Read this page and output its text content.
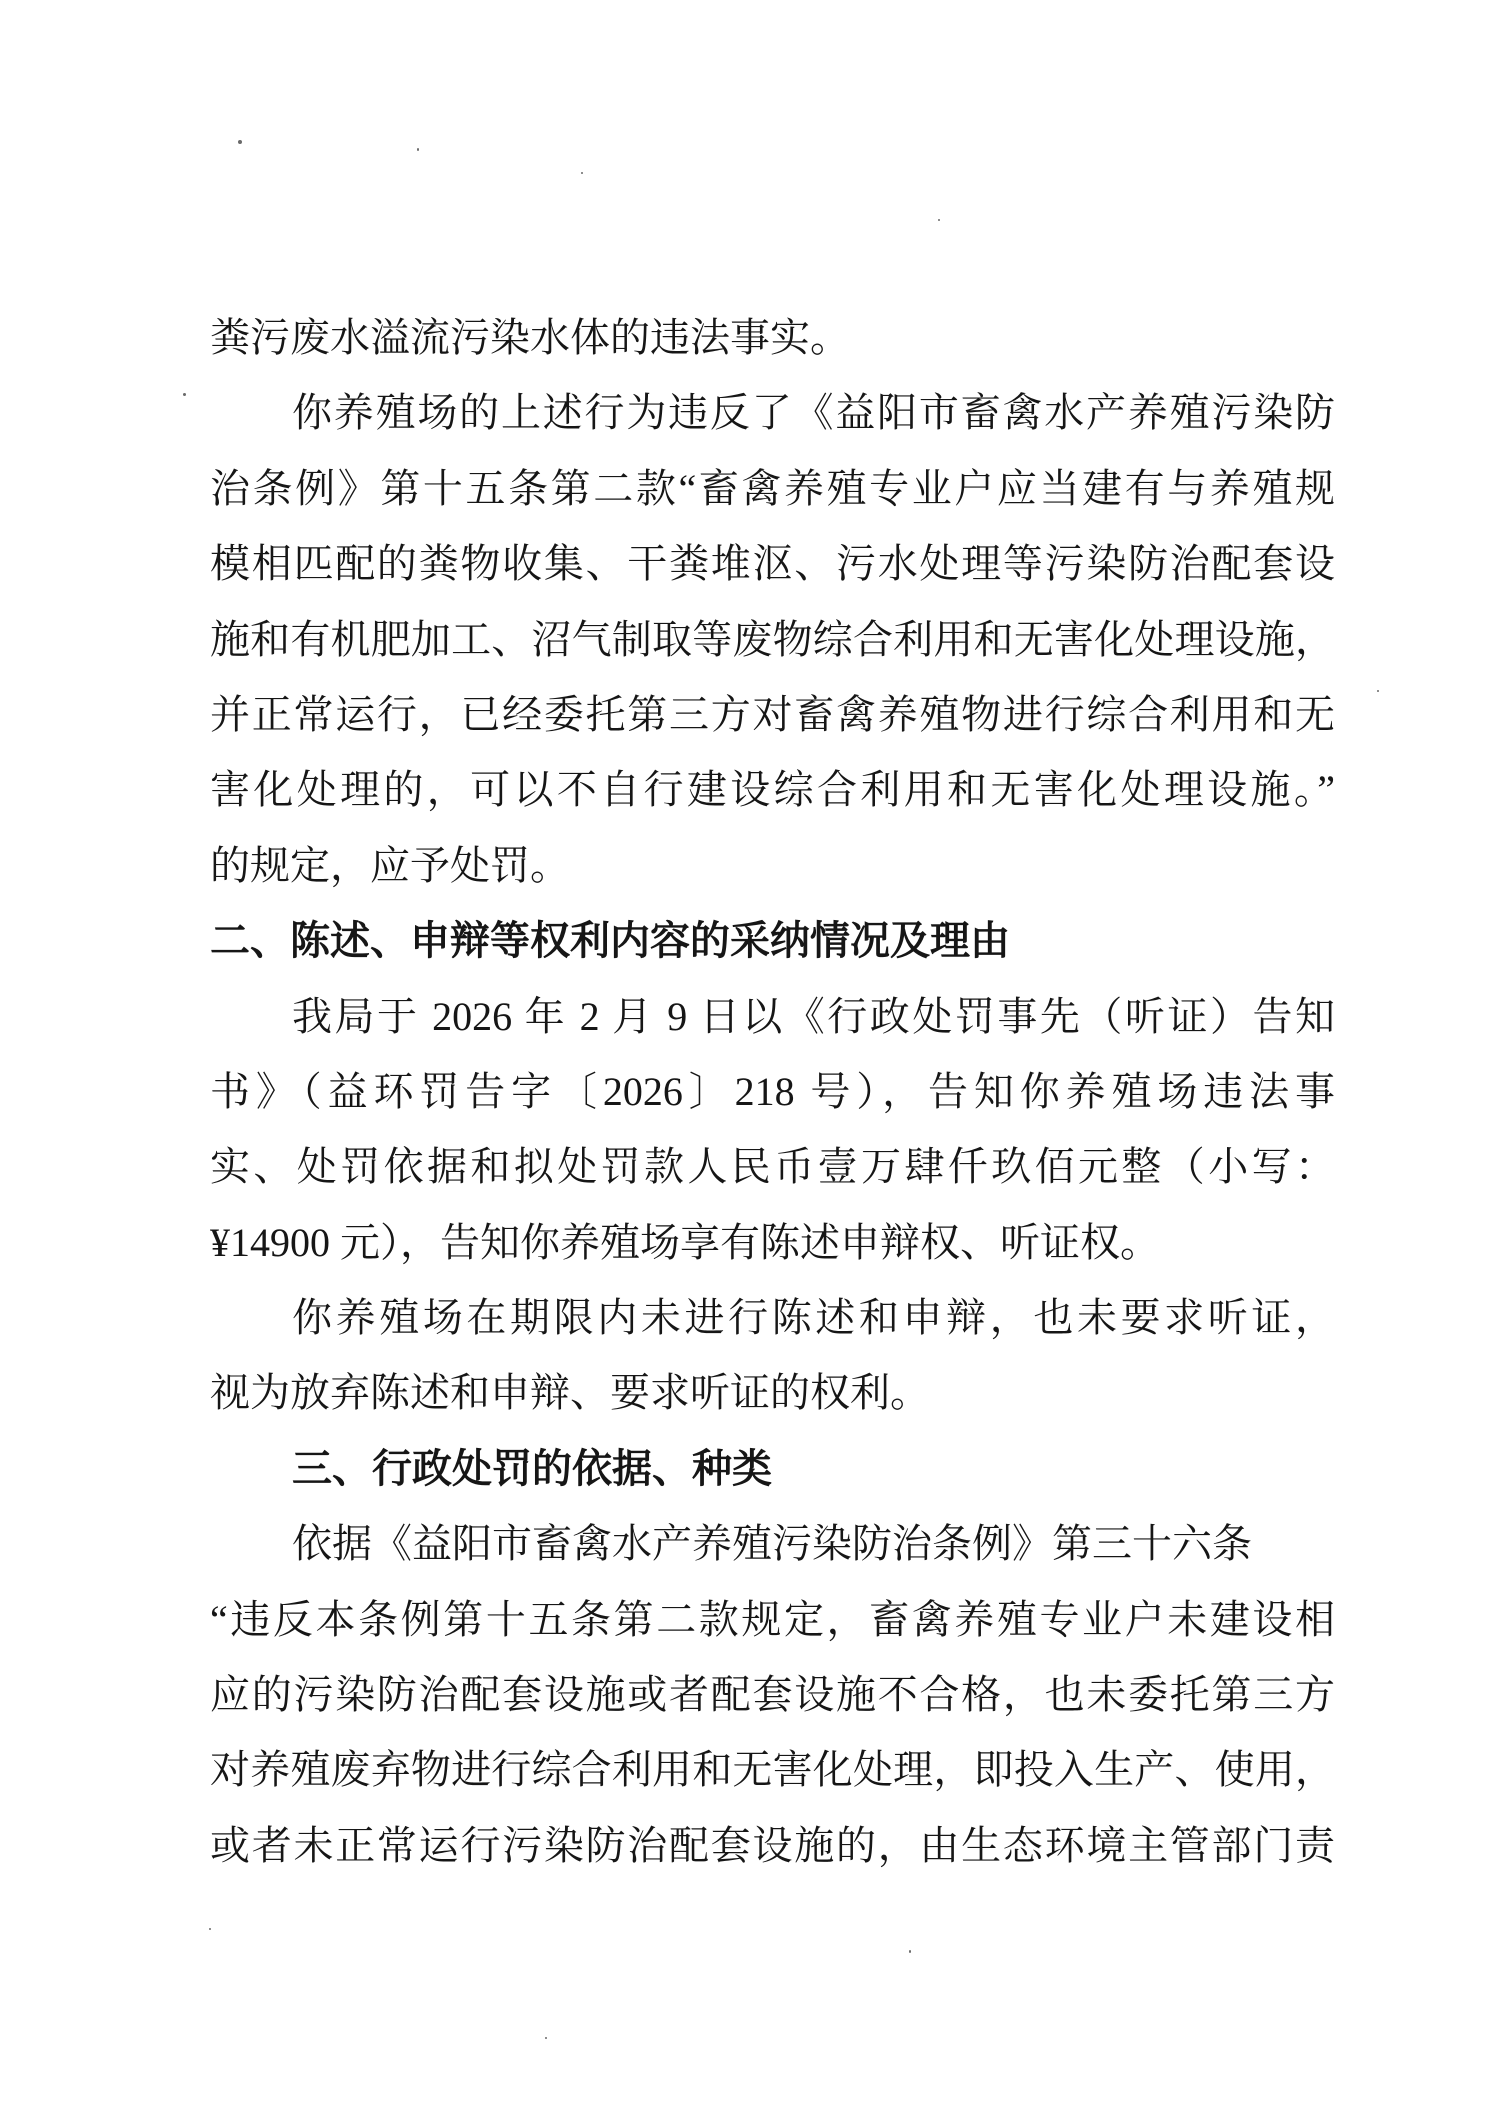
粪污废水溢流污染水体的违法事实。
你养殖场的上述行为违反了《益阳市畜禽水产养殖污染防
治条例》第十五条第二款“畜禽养殖专业户应当建有与养殖规
模相匹配的粪物收集、干粪堆沤、污水处理等污染防治配套设
施和有机肥加工、沼气制取等废物综合利用和无害化处理设施，
并正常运行，已经委托第三方对畜禽养殖物进行综合利用和无
害化处理的，可以不自行建设综合利用和无害化处理设施。”
的规定，应予处罚。
二、陈述、申辩等权利内容的采纳情况及理由
我局于 2026 年 2 月 9 日以《行政处罚事先（听证）告知
书》（益环罚告字〔2026〕218 号），告知你养殖场违法事
实、处罚依据和拟处罚款人民币壹万肆仟玖佰元整（小写：
¥14900 元），告知你养殖场享有陈述申辩权、听证权。
你养殖场在期限内未进行陈述和申辩，也未要求听证，
视为放弃陈述和申辩、要求听证的权利。
三、行政处罚的依据、种类
依据《益阳市畜禽水产养殖污染防治条例》第三十六条
“违反本条例第十五条第二款规定，畜禽养殖专业户未建设相
应的污染防治配套设施或者配套设施不合格，也未委托第三方
对养殖废弃物进行综合利用和无害化处理，即投入生产、使用，
或者未正常运行污染防治配套设施的，由生态环境主管部门责
